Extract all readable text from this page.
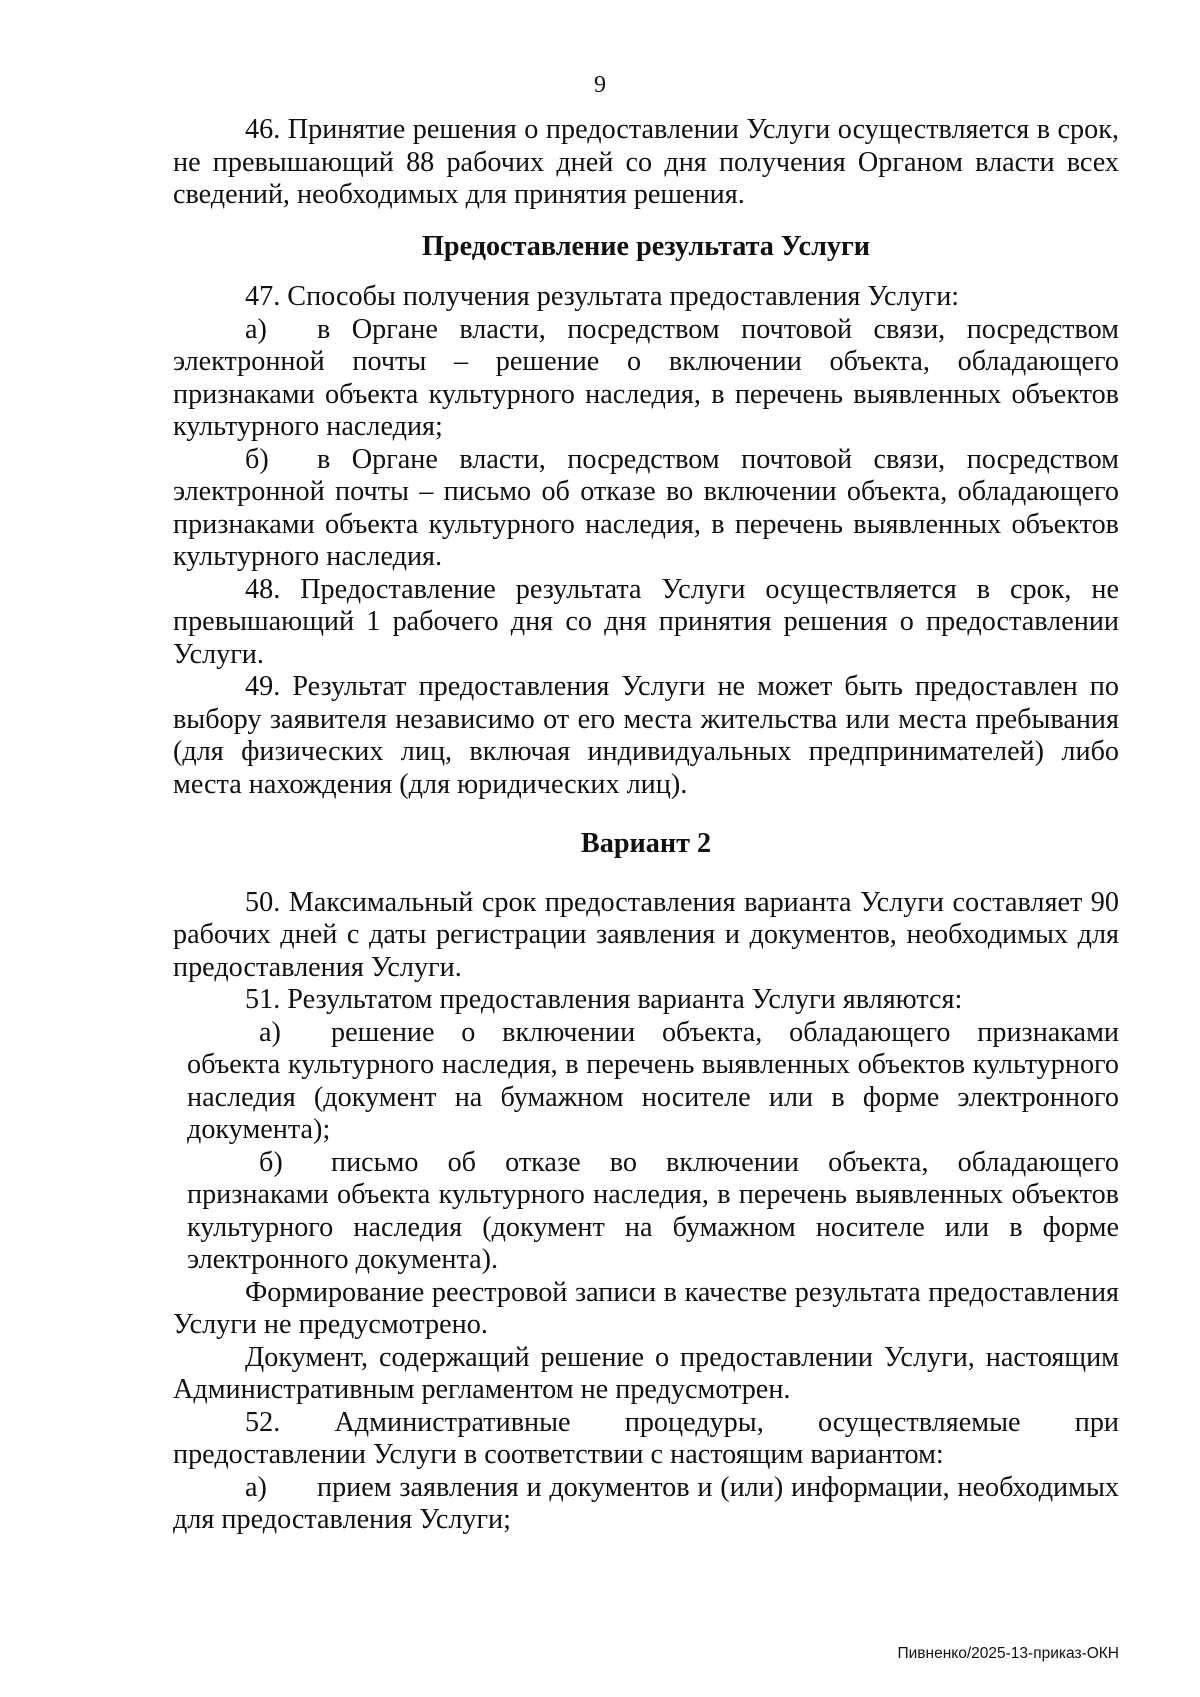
9

46. Принятие решения о предоставлении Услуги осуществляется в срок, не превышающий 88 рабочих дней со дня получения Органом власти всех сведений, необходимых для принятия решения.

Предоставление результата Услуги

47. Способы получения результата предоставления Услуги:

а) в Органе власти, посредством почтовой связи, посредством электронной почты – решение о включении объекта, обладающего признаками объекта культурного наследия, в перечень выявленных объектов культурного наследия;

б) в Органе власти, посредством почтовой связи, посредством электронной почты – письмо об отказе во включении объекта, обладающего признаками объекта культурного наследия, в перечень выявленных объектов культурного наследия.

48. Предоставление результата Услуги осуществляется в срок, не превышающий 1 рабочего дня со дня принятия решения о предоставлении Услуги.

49. Результат предоставления Услуги не может быть предоставлен по выбору заявителя независимо от его места жительства или места пребывания (для физических лиц, включая индивидуальных предпринимателей) либо места нахождения (для юридических лиц).

Вариант 2

50. Максимальный срок предоставления варианта Услуги составляет 90 рабочих дней с даты регистрации заявления и документов, необходимых для предоставления Услуги.

51. Результатом предоставления варианта Услуги являются:

а) решение о включении объекта, обладающего признаками объекта культурного наследия, в перечень выявленных объектов культурного наследия (документ на бумажном носителе или в форме электронного документа);

б) письмо об отказе во включении объекта, обладающего признаками объекта культурного наследия, в перечень выявленных объектов культурного наследия (документ на бумажном носителе или в форме электронного документа).

Формирование реестровой записи в качестве результата предоставления Услуги не предусмотрено.

Документ, содержащий решение о предоставлении Услуги, настоящим Административным регламентом не предусмотрен.

52. Административные процедуры, осуществляемые при предоставлении Услуги в соответствии с настоящим вариантом:

а) прием заявления и документов и (или) информации, необходимых для предоставления Услуги;

Пивненко/2025-13-приказ-ОКН
